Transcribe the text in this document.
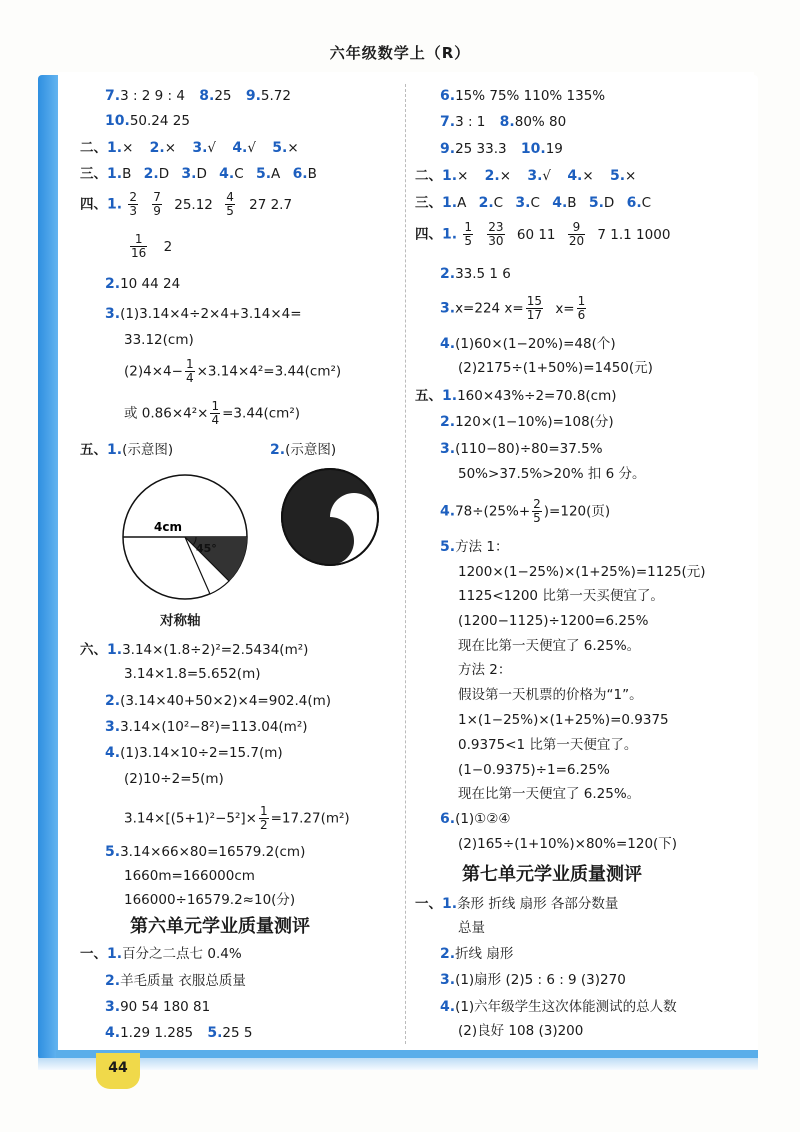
44
六年级数学上（R）
7.3 : 2 9 : 4 8.25 9.5.72
10.50.24 25
二、1.× 2.× 3.√ 4.√ 5.×
三、1.B 2.D 3.D 4.C 5.A 6.B
四、1. $\frac{2}{3}$
$\frac{7}{9} 25.12 \frac{4}{5} 27$ 2.7
$\frac{1}{16} 2$
2.10 44 24
3.(1)3.14×4÷2×4+3.14×4=
33.12(cm)
$(2)4\times 4- \frac{1}{4} \times 3.14\times 4^2=3.44(cm^2)$
或 $0.86\times 4^2\times \frac{1}{4} =3.44(cm^2)$
五、1.(示意图)	2.(示意图)
4cm
45°
对称轴
六、1.3.14×(1.8÷2)²=2.5434(m²)
3.14×1.8=5.652(m)
2.(3.14×40+50×2)×4=902.4(m)
3.3.14×(10²−8²)=113.04(m²)
4.(1)3.14×10÷2=15.7(m)
(2)10÷2=5(m)
$3.14\times[(5+1)^2-5^2]\times \frac{1}{2} =17.27(m^2)$
5.3.14×66×80=16579.2(cm)
1660m=166000cm
166000÷16579.2≈10(分)
第六单元学业质量测评
一、1.百分之二点七 0.4%
2.羊毛质量 衣服总质量
3.90 54 180 81
4.1.29 1.285 5.25 5
6.15% 75% 110% 135%
7.3 : 1 8.80% 80
9.25 33.3 10.19
二、1.× 2.× 3.√ 4.× 5.×
三、1.A 2.C 3.C 4.B 5.D 6.C
四、1. $\frac{1}{5}$
$\frac{23}{30} 60$ $11 \frac{9}{20} 7$ 1.1 1000
2.33.5 1 6
3.x=224 $x= \frac{15}{17} x= \frac{1}{6}$
4.(1)60×(1−20%)=48(个)
(2)2175÷(1+50%)=1450(元)
五、1.160×43%÷2=70.8(cm)
2.120×(1−10%)=108(分)
3.(110−80)÷80=37.5%
50%>37.5%>20% 扣 6 分。
$4.78\div(25\%+ \frac{2}{5} )=120$(页)
5.方法 1：
1200×(1−25%)×(1+25%)=1125(元)
1125<1200 比第一天买便宜了。
(1200−1125)÷1200=6.25%
现在比第一天便宜了 6.25%。
方法 2：
假设第一天机票的价格为“1”。
1×(1−25%)×(1+25%)=0.9375
0.9375<1 比第一天便宜了。
(1−0.9375)÷1=6.25%
现在比第一天便宜了 6.25%。
6.(1)①②④
(2)165÷(1+10%)×80%=120(下)
第七单元学业质量测评
一、1.条形 折线 扇形 各部分数量
总量
2.折线 扇形
3.(1)扇形 (2)5 : 6 : 9 (3)270
4.(1)六年级学生这次体能测试的总人数
(2)良好 108 (3)200
